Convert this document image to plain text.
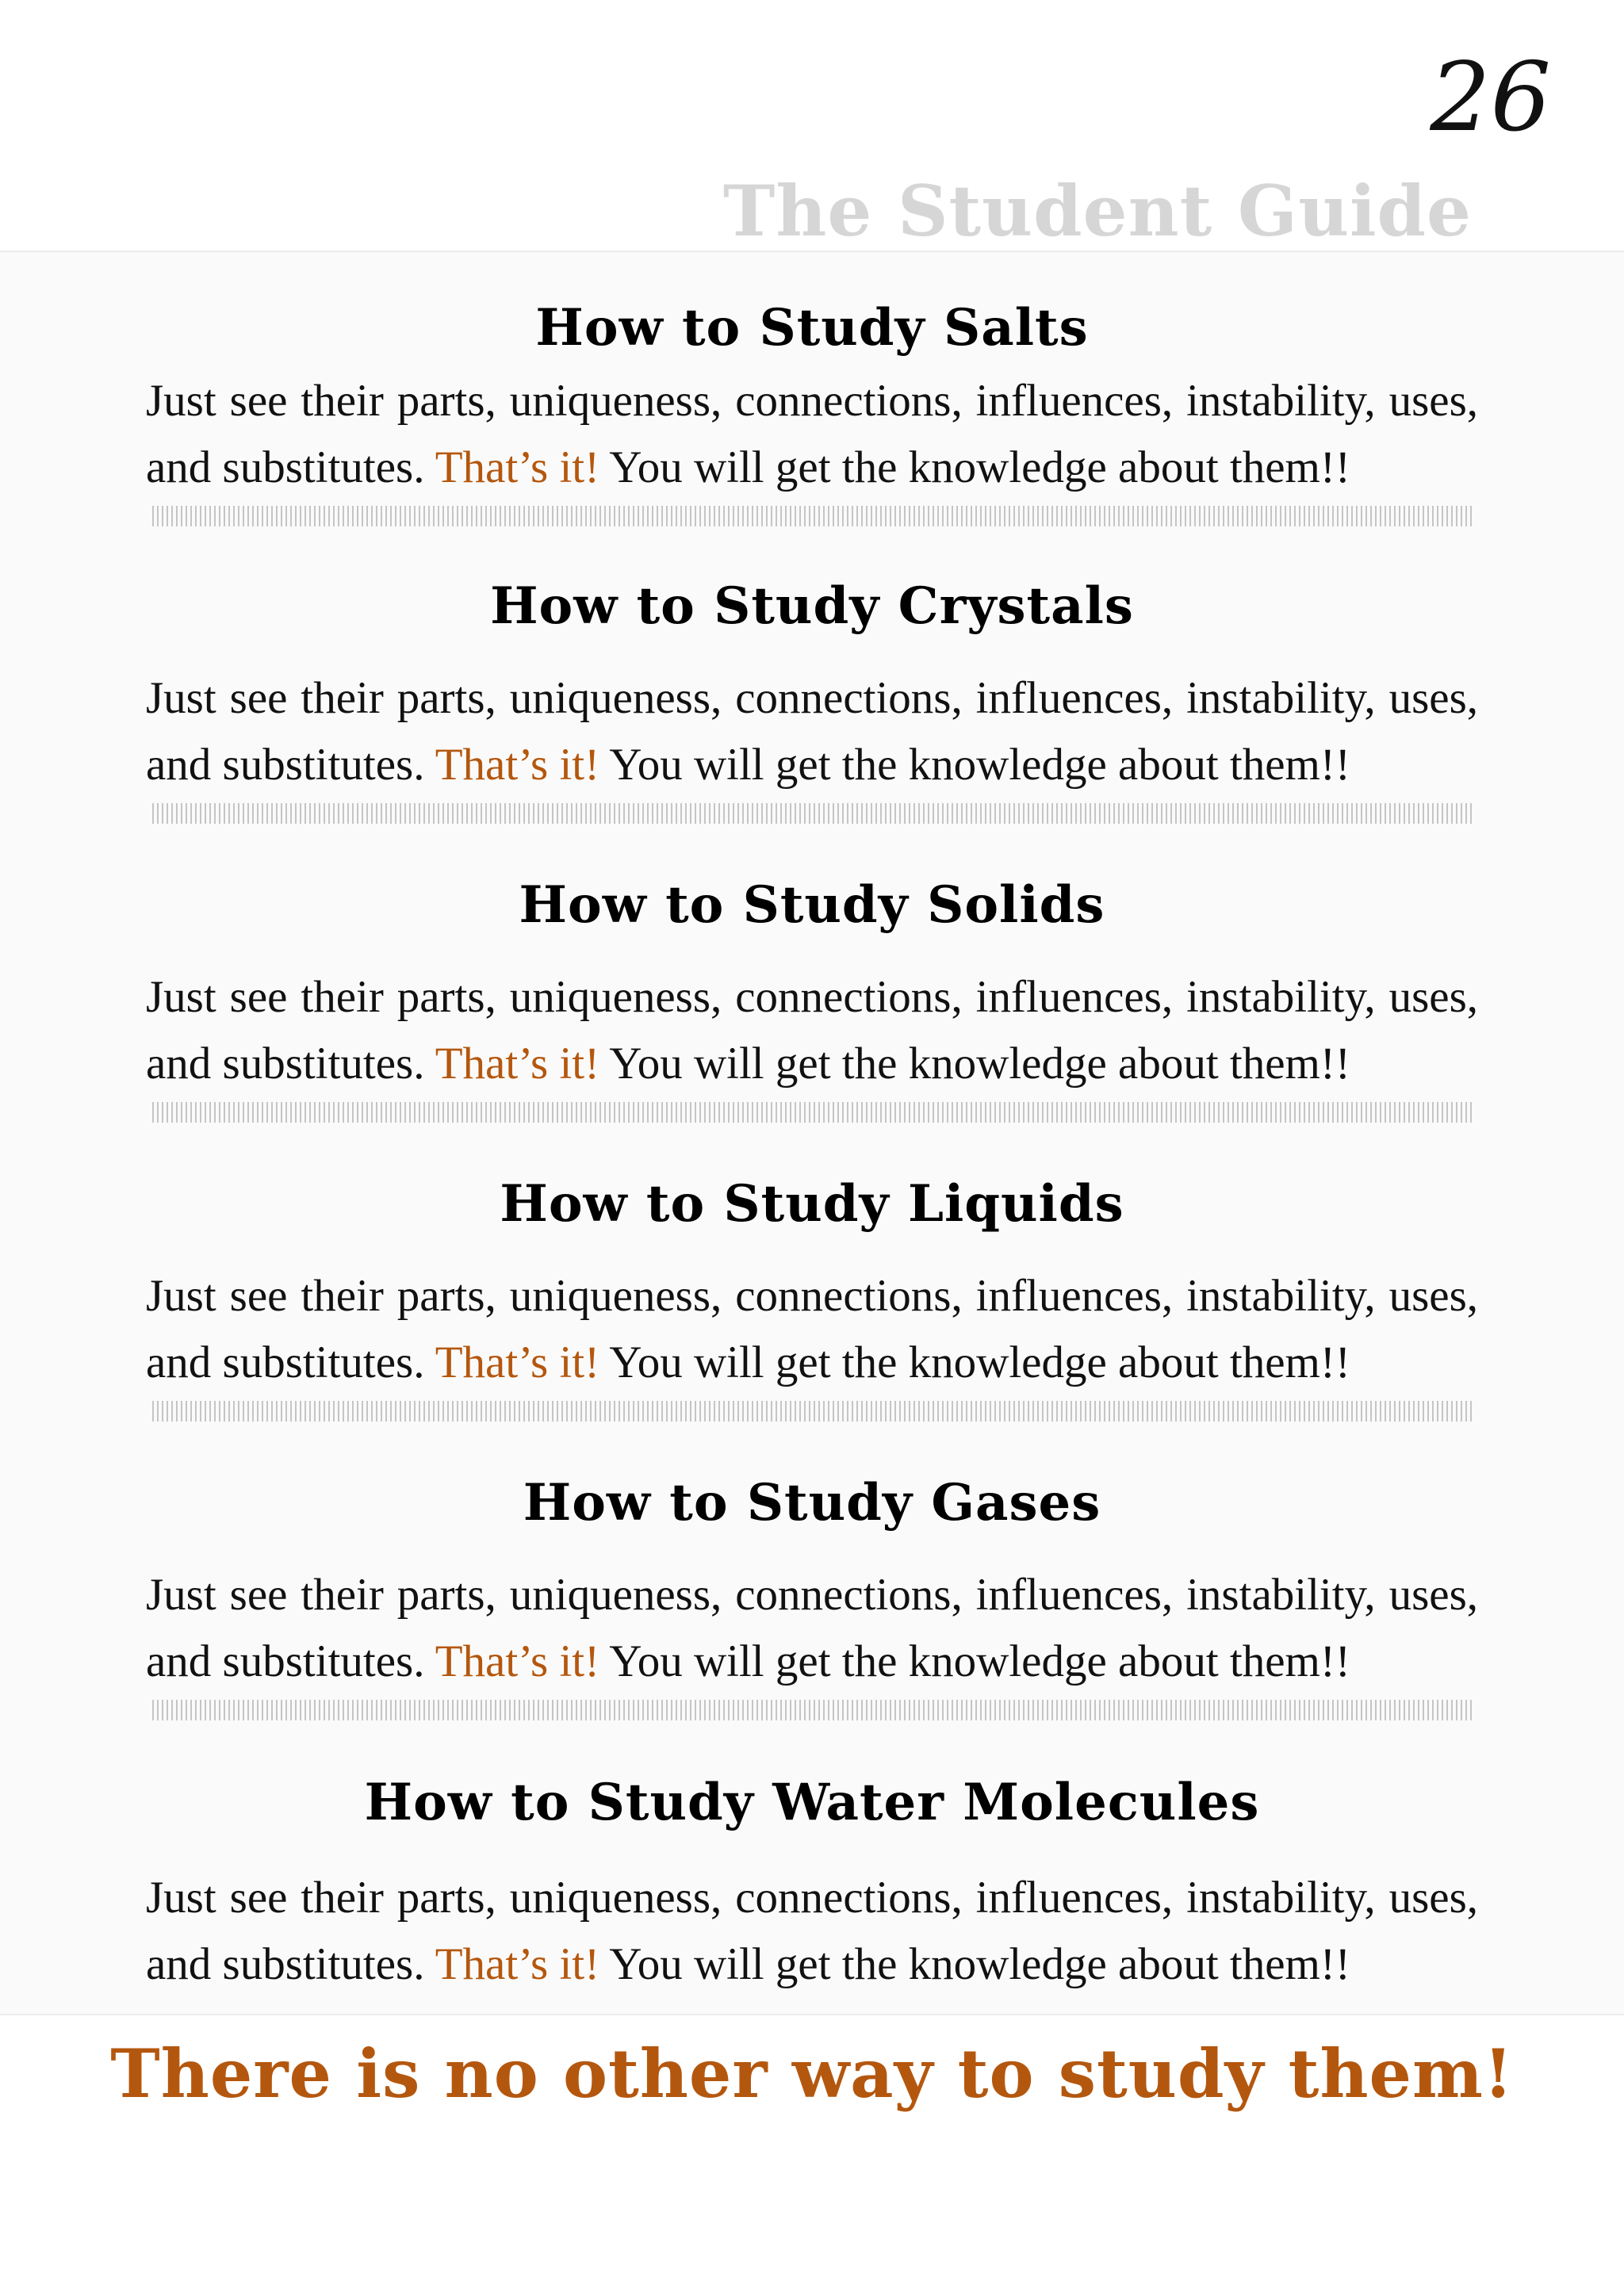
26
The Student Guide
How to Study Salts
Just see their parts, uniqueness, connections, influences, instability, uses, and substitutes. That’s it! You will get the knowledge about them!!
How to Study Crystals
Just see their parts, uniqueness, connections, influences, instability, uses, and substitutes. That’s it! You will get the knowledge about them!!
How to Study Solids
Just see their parts, uniqueness, connections, influences, instability, uses, and substitutes. That’s it! You will get the knowledge about them!!
How to Study Liquids
Just see their parts, uniqueness, connections, influences, instability, uses, and substitutes. That’s it! You will get the knowledge about them!!
How to Study Gases
Just see their parts, uniqueness, connections, influences, instability, uses, and substitutes. That’s it! You will get the knowledge about them!!
How to Study Water Molecules
Just see their parts, uniqueness, connections, influences, instability, uses, and substitutes. That’s it! You will get the knowledge about them!!
There is no other way to study them!
